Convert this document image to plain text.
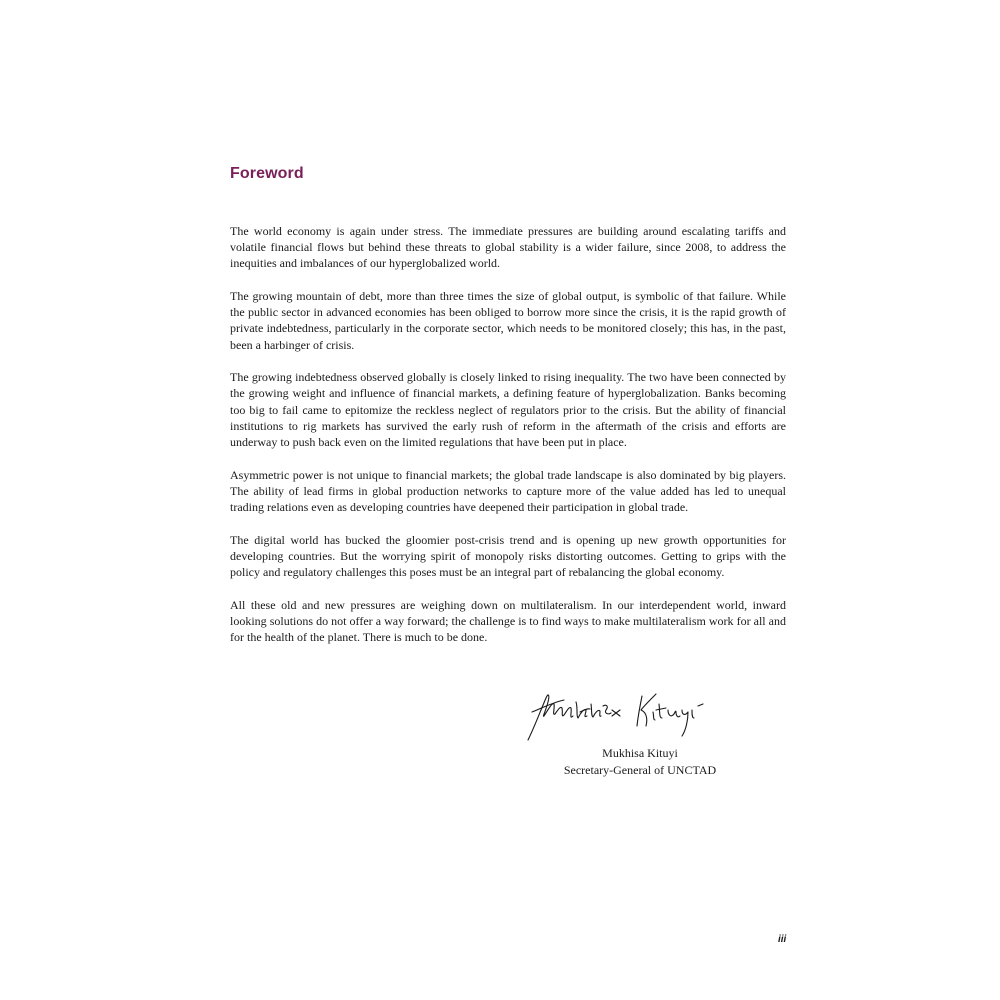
Foreword

The world economy is again under stress. The immediate pressures are building around escalating tariffs and volatile financial flows but behind these threats to global stability is a wider failure, since 2008, to address the inequities and imbalances of our hyperglobalized world.

The growing mountain of debt, more than three times the size of global output, is symbolic of that failure. While the public sector in advanced economies has been obliged to borrow more since the crisis, it is the rapid growth of private indebtedness, particularly in the corporate sector, which needs to be monitored closely; this has, in the past, been a harbinger of crisis.

The growing indebtedness observed globally is closely linked to rising inequality. The two have been connected by the growing weight and influence of financial markets, a defining feature of hyperglobalization. Banks becoming too big to fail came to epitomize the reckless neglect of regulators prior to the crisis. But the ability of financial institutions to rig markets has survived the early rush of reform in the aftermath of the crisis and efforts are underway to push back even on the limited regulations that have been put in place.

Asymmetric power is not unique to financial markets; the global trade landscape is also dominated by big players. The ability of lead firms in global production networks to capture more of the value added has led to unequal trading relations even as developing countries have deepened their participation in global trade.

The digital world has bucked the gloomier post-crisis trend and is opening up new growth opportunities for developing countries. But the worrying spirit of monopoly risks distorting outcomes. Getting to grips with the policy and regulatory challenges this poses must be an integral part of rebalancing the global economy.

All these old and new pressures are weighing down on multilateralism. In our interdependent world, inward looking solutions do not offer a way forward; the challenge is to find ways to make multilateralism work for all and for the health of the planet. There is much to be done.

Mukhisa Kituyi
Secretary-General of UNCTAD
iii
